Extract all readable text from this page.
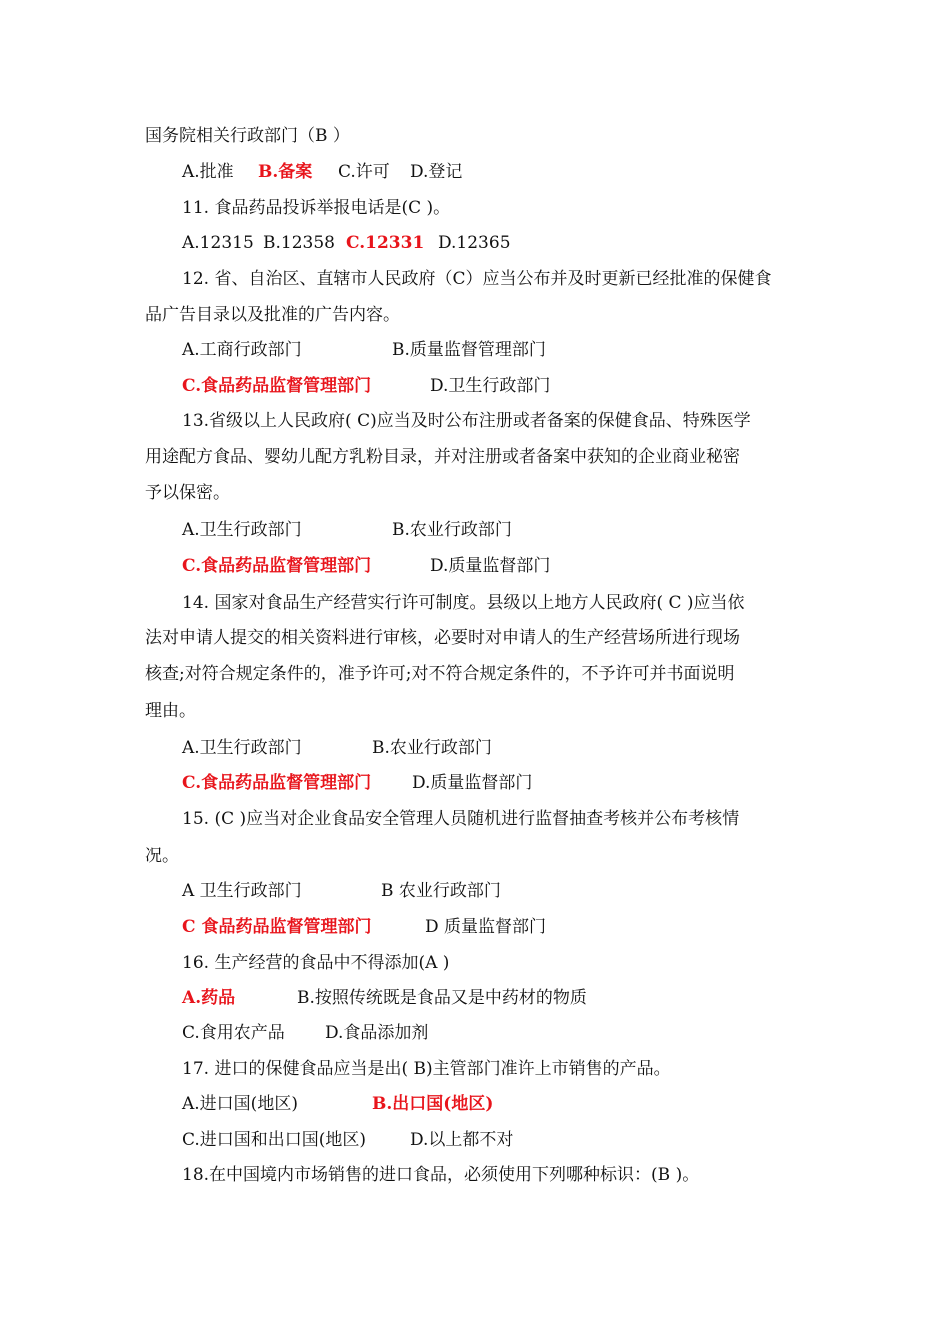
国务院相关行政部门（B ）
A.批准 B.备案 C.许可 D.登记
11. 食品药品投诉举报电话是(C )。
A.12315 B.12358 C.12331 D.12365
12. 省、自治区、直辖市人民政府（C）应当公布并及时更新已经批准的保健食
品广告目录以及批准的广告内容。
A.工商行政部门	B.质量监督管理部门
C.食品药品监督管理部门	D.卫生行政部门
13.省级以上人民政府( C)应当及时公布注册或者备案的保健食品、特殊医学
用途配方食品、婴幼儿配方乳粉目录，并对注册或者备案中获知的企业商业秘密
予以保密。
A.卫生行政部门	B.农业行政部门
C.食品药品监督管理部门	D.质量监督部门
14. 国家对食品生产经营实行许可制度。县级以上地方人民政府( C )应当依
法对申请人提交的相关资料进行审核，必要时对申请人的生产经营场所进行现场
核查;对符合规定条件的，准予许可;对不符合规定条件的，不予许可并书面说明
理由。
A.卫生行政部门	B.农业行政部门
C.食品药品监督管理部门 D.质量监督部门
15. (C )应当对企业食品安全管理人员随机进行监督抽查考核并公布考核情
况。
A 卫生行政部门	B 农业行政部门
C 食品药品监督管理部门	D 质量监督部门
16. 生产经营的食品中不得添加(A )
A.药品	B.按照传统既是食品又是中药材的物质
C.食用农产品 D.食品添加剂
17. 进口的保健食品应当是出( B)主管部门准许上市销售的产品。
A.进口国(地区)	B.出口国(地区)
C.进口国和出口国(地区)	D.以上都不对
18.在中国境内市场销售的进口食品，必须使用下列哪种标识：(B )。
